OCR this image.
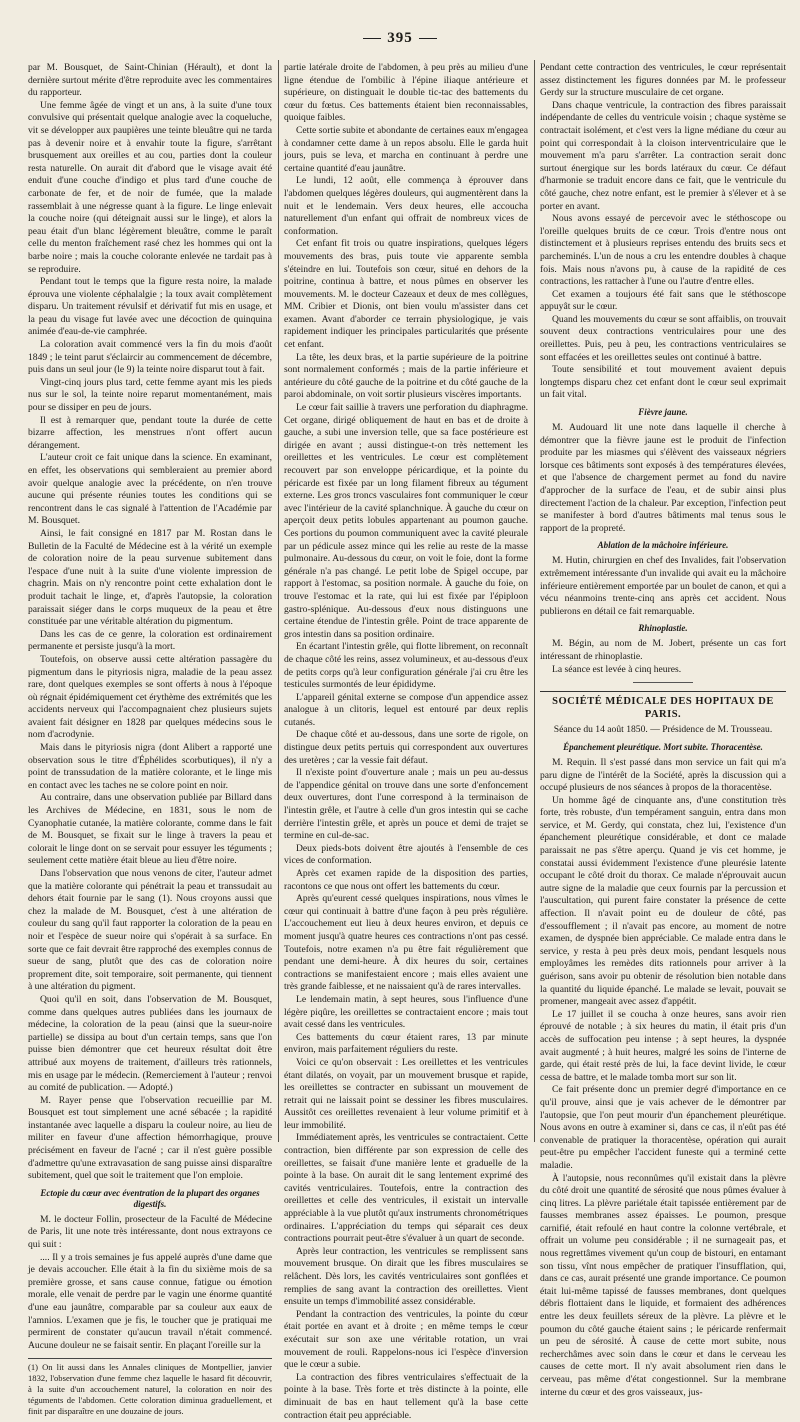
395

par M. Bousquet, de Saint-Chinian (Hérault), et dont la dernière surtout mérite d'être reproduite avec les commentaires du rapporteur.

Une femme âgée de vingt et un ans, à la suite d'une toux convulsive qui présentait quelque analogie avec la coqueluche, vit se développer aux paupières une teinte bleuâtre qui ne tarda pas à devenir noire et à envahir toute la figure, s'arrêtant brusquement aux oreilles et au cou, parties dont la couleur resta naturelle. On aurait dit d'abord que le visage avait été enduit d'une couche d'indigo et plus tard d'une couche de carbonate de fer, et de noir de fumée, que la malade rassemblait à une négresse quant à la figure. Le linge enlevait la couche noire (qui déteignait aussi sur le linge), et alors la peau était d'un blanc légèrement bleuâtre, comme le paraît celle du menton fraîchement rasé chez les hommes qui ont la barbe noire ; mais la couche colorante enlevée ne tardait pas à se reproduire.

Pendant tout le temps que la figure resta noire, la malade éprouva une violente céphalalgie ; la toux avait complètement disparu. Un traitement révulsif et dérivatif fut mis en usage, et la peau du visage fut lavée avec une décoction de quinquina animée d'eau-de-vie camphrée.

La coloration avait commencé vers la fin du mois d'août 1849 ; le teint parut s'éclaircir au commencement de décembre, puis dans un seul jour (le 9) la teinte noire disparut tout à fait.

Vingt-cinq jours plus tard, cette femme ayant mis les pieds nus sur le sol, la teinte noire reparut momentanément, mais pour se dissiper en peu de jours.

Il est à remarquer que, pendant toute la durée de cette bizarre affection, les menstrues n'ont offert aucun dérangement.

L'auteur croit ce fait unique dans la science. En examinant, en effet, les observations qui sembleraient au premier abord avoir quelque analogie avec la précédente, on n'en trouve aucune qui présente réunies toutes les conditions qui se rencontrent dans le cas signalé à l'attention de l'Académie par M. Bousquet.

Ainsi, le fait consigné en 1817 par M. Rostan dans le Bulletin de la Faculté de Médecine est à la vérité un exemple de coloration noire de la peau survenue subitement dans l'espace d'une nuit à la suite d'une violente impression de chagrin. Mais on n'y rencontre point cette exhalation dont le produit tachait le linge, et, d'après l'autopsie, la coloration paraissait siéger dans le corps muqueux de la peau et être constituée par une véritable altération du pigmentum.

Dans les cas de ce genre, la coloration est ordinairement permanente et persiste jusqu'à la mort.

Toutefois, on observe aussi cette altération passagère du pigmentum dans le pityriosis nigra, maladie de la peau assez rare, dont quelques exemples se sont offerts à nous à l'époque où régnait épidémiquement cet érythème des extrémités que les accidents nerveux qui l'accompagnaient chez plusieurs sujets avaient fait désigner en 1828 par quelques médecins sous le nom d'acrodynie.

Mais dans le pityriosis nigra (dont Alibert a rapporté une observation sous le titre d'Éphélides scorbutiques), il n'y a point de transsudation de la matière colorante, et le linge mis en contact avec les taches ne se colore point en noir.

Au contraire, dans une observation publiée par Billard dans les Archives de Médecine, en 1831, sous le nom de Cyanophatie cutanée, la matière colorante, comme dans le fait de M. Bousquet, se fixait sur le linge à travers la peau et colorait le linge dont on se servait pour essuyer les téguments ; seulement cette matière était bleue au lieu d'être noire.

Dans l'observation que nous venons de citer, l'auteur admet que la matière colorante qui pénétrait la peau et transsudait au dehors était fournie par le sang (1). Nous croyons aussi que chez la malade de M. Bousquet, c'est à une altération de couleur du sang qu'il faut rapporter la coloration de la peau en noir et l'espèce de sueur noire qui s'opérait à sa surface. En sorte que ce fait devrait être rapproché des exemples connus de sueur de sang, plutôt que des cas de coloration noire proprement dite, soit temporaire, soit permanente, qui tiennent à une altération du pigment.

Quoi qu'il en soit, dans l'observation de M. Bousquet, comme dans quelques autres publiées dans les journaux de médecine, la coloration de la peau (ainsi que la sueur-noire partielle) se dissipa au bout d'un certain temps, sans que l'on puisse bien démontrer que cet heureux résultat doit être attribué aux moyens de traitement, d'ailleurs très rationnels, mis en usage par le médecin. (Remerciement à l'auteur ; renvoi au comité de publication. — Adopté.)

M. Rayer pense que l'observation recueillie par M. Bousquet est tout simplement une acné sébacée ; la rapidité instantanée avec laquelle a disparu la couleur noire, au lieu de militer en faveur d'une affection hémorrhagique, prouve précisément en faveur de l'acné ; car il n'est guère possible d'admettre qu'une extravasation de sang puisse ainsi disparaître subitement, quel que soit le traitement que l'on emploie.

Ectopie du cœur avec éventration de la plupart des organes digestifs.

M. le docteur Follin, prosecteur de la Faculté de Médecine de Paris, lit une note très intéressante, dont nous extrayons ce qui suit :

.... Il y a trois semaines je fus appelé auprès d'une dame que je devais accoucher. Elle était à la fin du sixième mois de sa première grosse, et sans cause connue, fatigue ou émotion morale, elle venait de perdre par le vagin une énorme quantité d'une eau jaunâtre, comparable par sa couleur aux eaux de l'amnios. L'examen que je fis, le toucher que je pratiquai me permirent de constater qu'aucun travail n'était commencé. Aucune douleur ne se faisait sentir. En plaçant l'oreille sur la

(1) On lit aussi dans les Annales cliniques de Montpellier, janvier 1832, l'observation d'une femme chez laquelle le hasard fit découvrir, à la suite d'un accouchement naturel, la coloration en noir des téguments de l'abdomen. Cette coloration diminua graduellement, et finit par disparaître en une douzaine de jours.

partie latérale droite de l'abdomen, à peu près au milieu d'une ligne étendue de l'ombilic à l'épine iliaque antérieure et supérieure, on distinguait le double tic-tac des battements du cœur du fœtus. Ces battements étaient bien reconnaissables, quoique faibles.

Cette sortie subite et abondante de certaines eaux m'engagea à condamner cette dame à un repos absolu. Elle le garda huit jours, puis se leva, et marcha en continuant à perdre une certaine quantité d'eau jaunâtre.

Le lundi, 12 août, elle commença à éprouver dans l'abdomen quelques légères douleurs, qui augmentèrent dans la nuit et le lendemain. Vers deux heures, elle accoucha naturellement d'un enfant qui offrait de nombreux vices de conformation.

Cet enfant fit trois ou quatre inspirations, quelques légers mouvements des bras, puis toute vie apparente sembla s'éteindre en lui. Toutefois son cœur, situé en dehors de la poitrine, continua à battre, et nous pûmes en observer les mouvements. M. le docteur Cazeaux et deux de mes collègues, MM. Cribier et Dionis, ont bien voulu m'assister dans cet examen. Avant d'aborder ce terrain physiologique, je vais rapidement indiquer les principales particularités que présente cet enfant.

La tête, les deux bras, et la partie supérieure de la poitrine sont normalement conformés ; mais de la partie inférieure et antérieure du côté gauche de la poitrine et du côté gauche de la paroi abdominale, on voit sortir plusieurs viscères importants.

Le cœur fait saillie à travers une perforation du diaphragme. Cet organe, dirigé obliquement de haut en bas et de droite à gauche, a subi une inversion telle, que sa face postérieure est dirigée en avant ; aussi distingue-t-on très nettement les oreillettes et les ventricules. Le cœur est complètement recouvert par son enveloppe péricardique, et la pointe du péricarde est fixée par un long filament fibreux au tégument externe. Les gros troncs vasculaires font communiquer le cœur avec l'intérieur de la cavité splanchnique. À gauche du cœur on aperçoit deux petits lobules appartenant au poumon gauche. Ces portions du poumon communiquent avec la cavité pleurale par un pédicule assez mince qui les relie au reste de la masse pulmonaire. Au-dessous du cœur, on voit le foie, dont la forme générale n'a pas changé. Le petit lobe de Spigel occupe, par rapport à l'estomac, sa position normale. À gauche du foie, on trouve l'estomac et la rate, qui lui est fixée par l'épiploon gastro-splénique. Au-dessous d'eux nous distinguons une certaine étendue de l'intestin grêle. Point de trace apparente de gros intestin dans sa position ordinaire.

En écartant l'intestin grêle, qui flotte librement, on reconnaît de chaque côté les reins, assez volumineux, et au-dessous d'eux de petits corps qu'à leur configuration générale j'ai cru être les testicules surmontés de leur épididyme.

L'appareil génital externe se compose d'un appendice assez analogue à un clitoris, lequel est entouré par deux replis cutanés.

De chaque côté et au-dessous, dans une sorte de rigole, on distingue deux petits pertuis qui correspondent aux ouvertures des uretères ; car la vessie fait défaut.

Il n'existe point d'ouverture anale ; mais un peu au-dessus de l'appendice génital on trouve dans une sorte d'enfoncement deux ouvertures, dont l'une correspond à la terminaison de l'intestin grêle, et l'autre à celle d'un gros intestin qui se cache derrière l'intestin grêle, et après un pouce et demi de trajet se termine en cul-de-sac.

Deux pieds-bots doivent être ajoutés à l'ensemble de ces vices de conformation.

Après cet examen rapide de la disposition des parties, racontons ce que nous ont offert les battements du cœur.

Après qu'eurent cessé quelques inspirations, nous vîmes le cœur qui continuait à battre d'une façon à peu près régulière. L'accouchement eut lieu à deux heures environ, et depuis ce moment jusqu'à quatre heures ces contractions n'ont pas cessé. Toutefois, notre examen n'a pu être fait régulièrement que pendant une demi-heure. À dix heures du soir, certaines contractions se manifestaient encore ; mais elles avaient une très grande faiblesse, et ne naissaient qu'à de rares intervalles.

Le lendemain matin, à sept heures, sous l'influence d'une légère piqûre, les oreillettes se contractaient encore ; mais tout avait cessé dans les ventricules.

Ces battements du cœur étaient rares, 13 par minute environ, mais parfaitement réguliers du reste.

Voici ce qu'on observait : Les oreillettes et les ventricules étant dilatés, on voyait, par un mouvement brusque et rapide, les oreillettes se contracter en subissant un mouvement de retrait qui ne laissait point se dessiner les fibres musculaires. Aussitôt ces oreillettes revenaient à leur volume primitif et à leur immobilité.

Immédiatement après, les ventricules se contractaient. Cette contraction, bien différente par son expression de celle des oreillettes, se faisait d'une manière lente et graduelle de la pointe à la base. On aurait dit le sang lentement exprimé des cavités ventriculaires. Toutefois, entre la contraction des oreillettes et celle des ventricules, il existait un intervalle appréciable à la vue plutôt qu'aux instruments chronométriques ordinaires. L'appréciation du temps qui séparait ces deux contractions pourrait peut-être s'évaluer à un quart de seconde.

Après leur contraction, les ventricules se remplissent sans mouvement brusque. On dirait que les fibres musculaires se relâchent. Dès lors, les cavités ventriculaires sont gonflées et remplies de sang avant la contraction des oreillettes. Vient ensuite un temps d'immobilité assez considérable.

Pendant la contraction des ventricules, la pointe du cœur était portée en avant et à droite ; en même temps le cœur exécutait sur son axe une véritable rotation, un vrai mouvement de rouli. Rappelons-nous ici l'espèce d'inversion que le cœur a subie.

La contraction des fibres ventriculaires s'effectuait de la pointe à la base. Très forte et très distincte à la pointe, elle diminuait de bas en haut tellement qu'à la base cette contraction était peu appréciable.

Pendant cette contraction des ventricules, le cœur représentait assez distinctement les figures données par M. le professeur Gerdy sur la structure musculaire de cet organe.

Dans chaque ventricule, la contraction des fibres paraissait indépendante de celles du ventricule voisin ; chaque système se contractait isolément, et c'est vers la ligne médiane du cœur au point qui correspondait à la cloison interventriculaire que le mouvement m'a paru s'arrêter. La contraction serait donc surtout énergique sur les bords latéraux du cœur. Ce défaut d'harmonie se traduit encore dans ce fait, que le ventricule du côté gauche, chez notre enfant, est le premier à s'élever et à se porter en avant.

Nous avons essayé de percevoir avec le stéthoscope ou l'oreille quelques bruits de ce cœur. Trois d'entre nous ont distinctement et à plusieurs reprises entendu des bruits secs et parcheminés. L'un de nous a cru les entendre doubles à chaque fois. Mais nous n'avons pu, à cause de la rapidité de ces contractions, les rattacher à l'une ou l'autre d'entre elles.

Cet examen a toujours été fait sans que le stéthoscope appuyât sur le cœur.

Quand les mouvements du cœur se sont affaiblis, on trouvait souvent deux contractions ventriculaires pour une des oreillettes. Puis, peu à peu, les contractions ventriculaires se sont effacées et les oreillettes seules ont continué à battre.

Toute sensibilité et tout mouvement avaient depuis longtemps disparu chez cet enfant dont le cœur seul exprimait un fait vital.

Fièvre jaune.

M. Audouard lit une note dans laquelle il cherche à démontrer que la fièvre jaune est le produit de l'infection produite par les miasmes qui s'élèvent des vaisseaux négriers lorsque ces bâtiments sont exposés à des températures élevées, et que l'absence de chargement permet au fond du navire d'approcher de la surface de l'eau, et de subir ainsi plus directement l'action de la chaleur. Par exception, l'infection peut se manifester à bord d'autres bâtiments mal tenus sous le rapport de la propreté.

Ablation de la mâchoire inférieure.

M. Hutin, chirurgien en chef des Invalides, fait l'observation extrêmement intéressante d'un invalide qui avait eu la mâchoire inférieure entièrement emportée par un boulet de canon, et qui a vécu néanmoins trente-cinq ans après cet accident. Nous publierons en détail ce fait remarquable.

Rhinoplastie.

M. Bégin, au nom de M. Jobert, présente un cas fort intéressant de rhinoplastie.

La séance est levée à cinq heures.

SOCIÉTÉ MÉDICALE DES HOPITAUX DE PARIS.
Séance du 14 août 1850. — Présidence de M. Trousseau.
Épanchement pleurétique. Mort subite. Thoracentèse.

M. Requin. Il s'est passé dans mon service un fait qui m'a paru digne de l'intérêt de la Société, après la discussion qui a occupé plusieurs de nos séances à propos de la thoracentèse.

Un homme âgé de cinquante ans, d'une constitution très forte, très robuste, d'un tempérament sanguin, entra dans mon service, et M. Gerdy, qui constata, chez lui, l'existence d'un épanchement pleurétique considérable, et dont ce malade paraissait ne pas s'être aperçu. Quand je vis cet homme, je constatai aussi évidemment l'existence d'une pleurésie latente occupant le côté droit du thorax. Ce malade n'éprouvait aucun autre signe de la maladie que ceux fournis par la percussion et l'auscultation, qui purent faire constater la présence de cette affection. Il n'avait point eu de douleur de côté, pas d'essoufflement ; il n'avait pas encore, au moment de notre examen, de dyspnée bien appréciable. Ce malade entra dans le service, y resta à peu près deux mois, pendant lesquels nous employâmes les remèdes dits rationnels pour arriver à la guérison, sans avoir pu obtenir de résolution bien notable dans la quantité du liquide épanché. Le malade se levait, pouvait se promener, mangeait avec assez d'appétit.

Le 17 juillet il se coucha à onze heures, sans avoir rien éprouvé de notable ; à six heures du matin, il était pris d'un accès de suffocation peu intense ; à sept heures, la dyspnée avait augmenté ; à huit heures, malgré les soins de l'interne de garde, qui était resté près de lui, la face devint livide, le cœur cessa de battre, et le malade tomba mort sur son lit.

Ce fait présente donc un premier degré d'importance en ce qu'il prouve, ainsi que je vais achever de le démontrer par l'autopsie, que l'on peut mourir d'un épanchement pleurétique. Nous avons en outre à examiner si, dans ce cas, il n'eût pas été convenable de pratiquer la thoracentèse, opération qui aurait peut-être pu empêcher l'accident funeste qui a terminé cette maladie.

À l'autopsie, nous reconnûmes qu'il existait dans la plèvre du côté droit une quantité de sérosité que nous pûmes évaluer à cinq litres. La plèvre pariétale était tapissée entièrement par de fausses membranes assez épaisses. Le poumon, presque carnifié, était refoulé en haut contre la colonne vertébrale, et offrait un volume peu considérable ; il ne surnageait pas, et nous regrettâmes vivement qu'un coup de bistouri, en entamant son tissu, vînt nous empêcher de pratiquer l'insufflation, qui, dans ce cas, aurait présenté une grande importance. Ce poumon était lui-même tapissé de fausses membranes, dont quelques débris flottaient dans le liquide, et formaient des adhérences entre les deux feuillets séreux de la plèvre. La plèvre et le poumon du côté gauche étaient sains ; le péricarde renfermait un peu de sérosité. À cause de cette mort subite, nous recherchâmes avec soin dans le cœur et dans le cerveau les causes de cette mort. Il n'y avait absolument rien dans le cerveau, pas même d'état congestionnel. Sur la membrane interne du cœur et des gros vaisseaux, jus-
